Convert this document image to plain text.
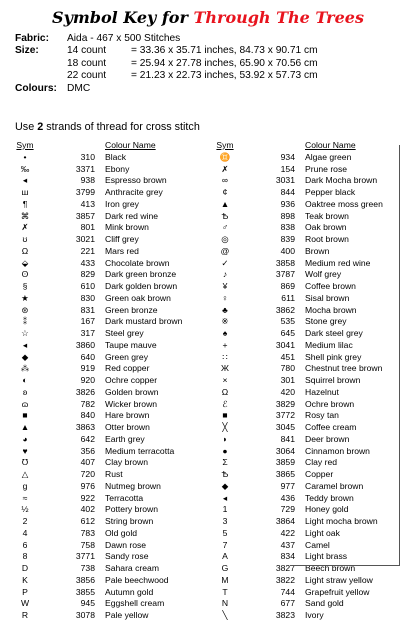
Symbol Key for Through The Trees
Fabric:	Aida - 467 x 500 Stitches
Size:	14 count	= 33.36 x 35.71 inches, 84.73 x 90.71 cm
18 count	= 25.94 x 27.78 inches, 65.90 x 70.56 cm
22 count	= 21.23 x 22.73 inches, 53.92 x 57.73 cm
Colours: DMC
Use 2 strands of thread for cross stitch
Sym	Colour Name
•	310	Black
‰	3371	Ebony
◂	938	Espresso brown
ш	3799	Anthracite grey
¶	413	Iron grey
⌘	3857	Dark red wine
✗	801	Mink brown
ʊ	3021	Cliff grey
Ω	221	Mars red
⬙	433	Chocolate brown
ʘ	829	Dark green bronze
§	610	Dark golden brown
★	830	Green oak brown
⊛	831	Green bronze
⁑	167	Dark mustard brown
☆	317	Steel grey
◂	3860	Taupe mauve
◆	640	Green grey
⁂	919	Red copper
◐	920	Ochre copper
ʚ	3826	Golden brown
ɷ	782	Wicker brown
■	840	Hare brown
▲	3863	Otter brown
◕	642	Earth grey
♥	356	Medium terracotta
℧	407	Clay brown
△	720	Rust
g	976	Nutmeg brown
≈	922	Terracotta
½	402	Pottery brown
2	612	String brown
4	783	Old gold
6	758	Dawn rose
8	3771	Sandy rose
D	738	Sahara cream
K	3856	Pale beechwood
P	3855	Autumn gold
W	945	Eggshell cream
R	3078	Pale yellow
Sym	Colour Name
♊	934	Algae green
✗	154	Prune rose
∞	3031	Dark Mocha brown
¢	844	Pepper black
▲	936	Oaktree moss green
Ѣ	898	Teak brown
♂	838	Oak brown
◎	839	Root brown
@	400	Brown
✓	3858	Medium red wine
♪	3787	Wolf grey
¥	869	Coffee brown
♀	611	Sisal brown
♣	3862	Mocha brown
※	535	Stone grey
♠	645	Dark steel grey
+	3041	Medium lilac
∷	451	Shell pink grey
Ж	780	Chestnut tree brown
×	301	Squirrel brown
Ω	420	Hazelnut
ℰ	3829	Ochre brown
■	3772	Rosy tan
╳	3045	Coffee cream
◗	841	Deer brown
●	3064	Cinnamon brown
Σ	3859	Clay red
Ѣ	3865	Copper
◆	977	Caramel brown
◂	436	Teddy brown
1	729	Honey gold
3	3864	Light mocha brown
5	422	Light oak
7	437	Camel
A	834	Light brass
G	3827	Beech brown
M	3822	Light straw yellow
T	744	Grapefruit yellow
N	677	Sand gold
╲	3823	Ivory
